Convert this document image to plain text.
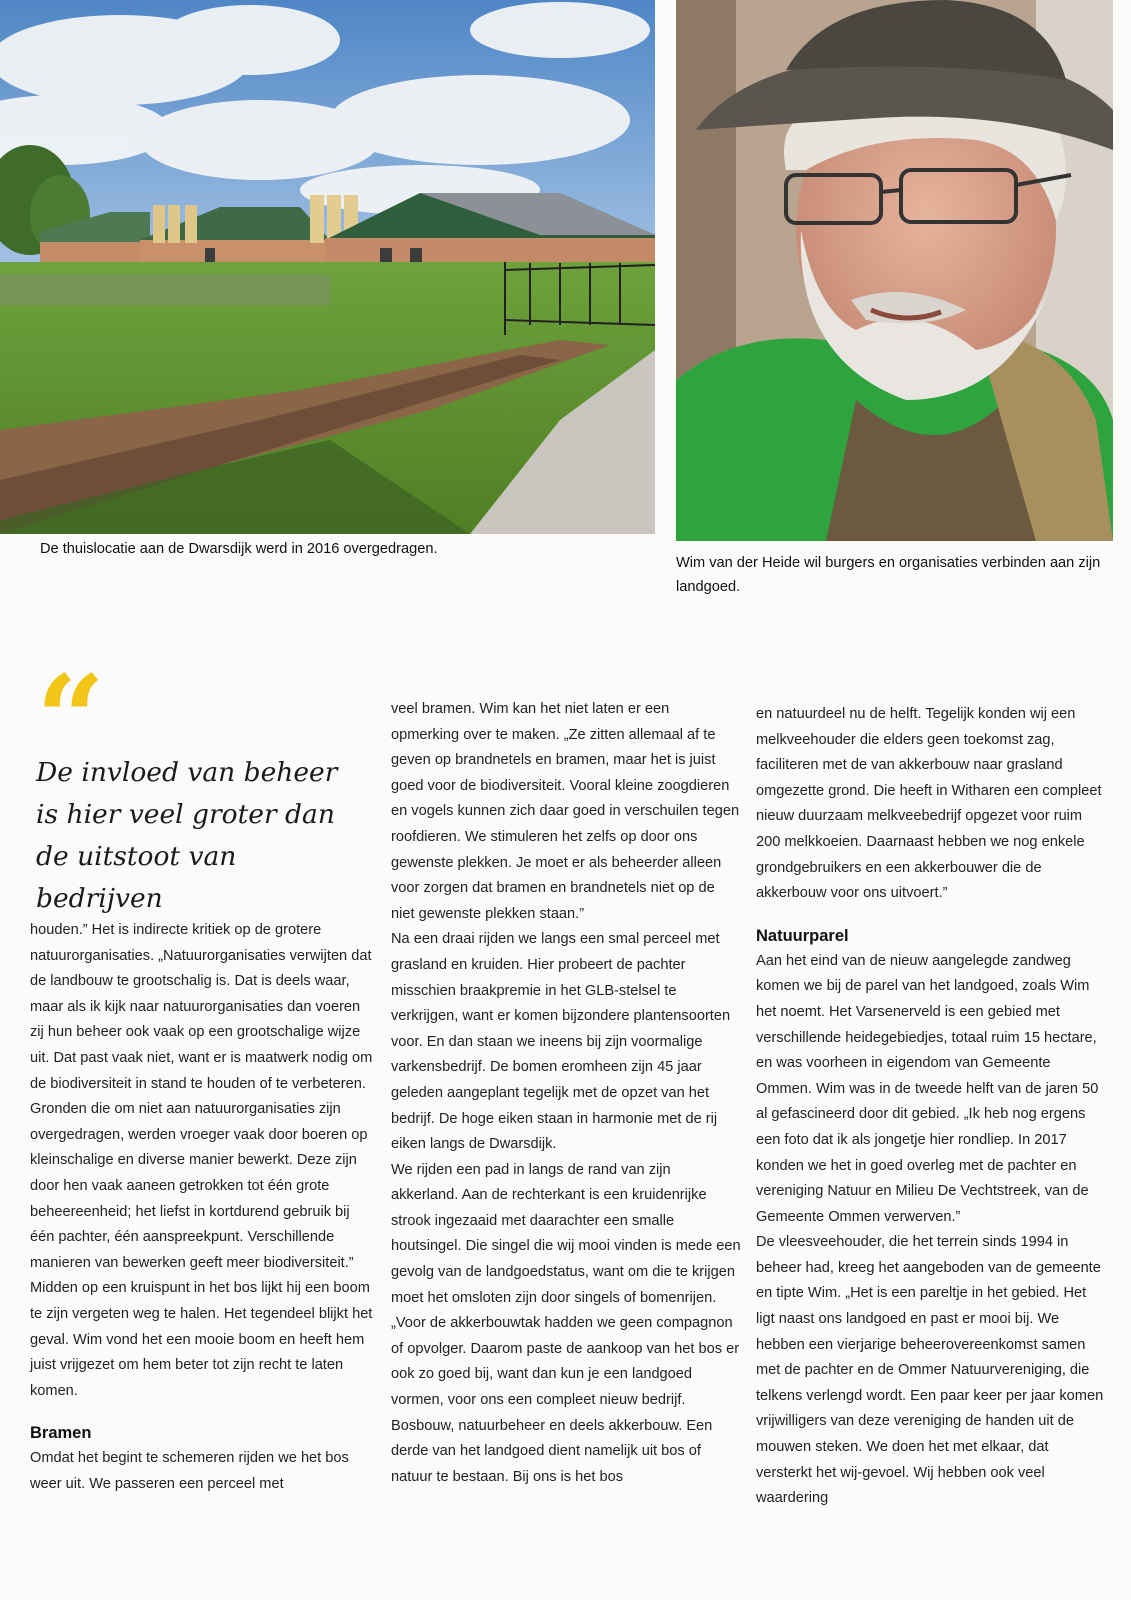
De thuislocatie aan de Dwarsdijk werd in 2016 overgedragen.
Wim van der Heide wil burgers en organisaties verbinden aan zijn landgoed.
“
De invloed van beheer is hier veel groter dan de uitstoot van bedrijven

houden.” Het is indirecte kritiek op de grotere natuurorganisaties. „Natuurorganisaties verwijten dat de landbouw te grootschalig is. Dat is deels waar, maar als ik kijk naar natuurorganisaties dan voeren zij hun beheer ook vaak op een grootschalige wijze uit. Dat past vaak niet, want er is maatwerk nodig om de biodiversiteit in stand te houden of te verbeteren. Gronden die om niet aan natuurorganisaties zijn overgedragen, werden vroeger vaak door boeren op kleinschalige en diverse manier bewerkt. Deze zijn door hen vaak aaneen getrokken tot één grote beheereenheid; het liefst in kortdurend gebruik bij één pachter, één aanspreekpunt. Verschillende manieren van bewerken geeft meer biodiversiteit.”

Midden op een kruispunt in het bos lijkt hij een boom te zijn vergeten weg te halen. Het tegendeel blijkt het geval. Wim vond het een mooie boom en heeft hem juist vrijgezet om hem beter tot zijn recht te laten komen.

Bramen

Omdat het begint te schemeren rijden we het bos weer uit. We passeren een perceel met

veel bramen. Wim kan het niet laten er een opmerking over te maken. „Ze zitten allemaal af te geven op brandnetels en bramen, maar het is juist goed voor de biodiversiteit. Vooral kleine zoogdieren en vogels kunnen zich daar goed in verschuilen tegen roofdieren. We stimuleren het zelfs op door ons gewenste plekken. Je moet er als beheerder alleen voor zorgen dat bramen en brandnetels niet op de niet gewenste plekken staan.”

Na een draai rijden we langs een smal perceel met grasland en kruiden. Hier probeert de pachter misschien braakpremie in het GLB-stelsel te verkrijgen, want er komen bijzondere plantensoorten voor. En dan staan we ineens bij zijn voormalige varkensbedrijf. De bomen eromheen zijn 45 jaar geleden aangeplant tegelijk met de opzet van het bedrijf. De hoge eiken staan in harmonie met de rij eiken langs de Dwarsdijk.

We rijden een pad in langs de rand van zijn akkerland. Aan de rechterkant is een kruidenrijke strook ingezaaid met daarachter een smalle houtsingel. Die singel die wij mooi vinden is mede een gevolg van de landgoedstatus, want om die te krijgen moet het omsloten zijn door singels of bomenrijen. „Voor de akkerbouwtak hadden we geen compagnon of opvolger. Daarom paste de aankoop van het bos er ook zo goed bij, want dan kun je een landgoed vormen, voor ons een compleet nieuw bedrijf. Bosbouw, natuurbeheer en deels akkerbouw. Een derde van het landgoed dient namelijk uit bos of natuur te bestaan. Bij ons is het bos

en natuurdeel nu de helft. Tegelijk konden wij een melkveehouder die elders geen toekomst zag, faciliteren met de van akkerbouw naar grasland omgezette grond. Die heeft in Witharen een compleet nieuw duurzaam melkveebedrijf opgezet voor ruim 200 melkkoeien. Daarnaast hebben we nog enkele grondgebruikers en een akkerbouwer die de akkerbouw voor ons uitvoert.”

Natuurparel

Aan het eind van de nieuw aangelegde zandweg komen we bij de parel van het landgoed, zoals Wim het noemt. Het Varsenerveld is een gebied met verschillende heidegebiedjes, totaal ruim 15 hectare, en was voorheen in eigendom van Gemeente Ommen. Wim was in de tweede helft van de jaren 50 al gefascineerd door dit gebied. „Ik heb nog ergens een foto dat ik als jongetje hier rondliep. In 2017 konden we het in goed overleg met de pachter en vereniging Natuur en Milieu De Vechtstreek, van de Gemeente Ommen verwerven.”

De vleesveehouder, die het terrein sinds 1994 in beheer had, kreeg het aangeboden van de gemeente en tipte Wim. „Het is een pareltje in het gebied. Het ligt naast ons landgoed en past er mooi bij. We hebben een vierjarige beheerovereenkomst samen met de pachter en de Ommer Natuurvereniging, die telkens verlengd wordt. Een paar keer per jaar komen vrijwilligers van deze vereniging de handen uit de mouwen steken. We doen het met elkaar, dat versterkt het wij-gevoel. Wij hebben ook veel waardering
